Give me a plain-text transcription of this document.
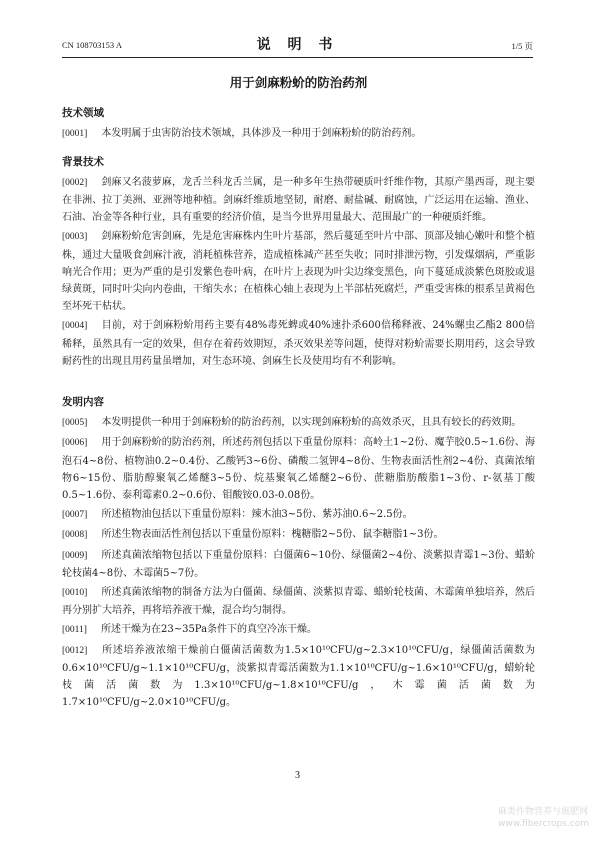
CN 108703153 A	说 明 书	1/5 页
用于剑麻粉蚧的防治药剂
技术领域
[0001] 本发明属于虫害防治技术领域，具体涉及一种用于剑麻粉蚧的防治药剂。
背景技术
[0002] 剑麻又名菠萝麻，龙舌兰科龙舌兰属，是一种多年生热带硬质叶纤维作物，其原产墨西哥，现主要在非洲、拉丁美洲、亚洲等地种植。剑麻纤维质地坚韧，耐磨、耐盐碱、耐腐蚀，广泛运用在运输、渔业、石油、冶金等各种行业，具有重要的经济价值，是当今世界用量最大、范围最广的一种硬质纤维。
[0003] 剑麻粉蚧危害剑麻，先是危害麻株内生叶片基部，然后蔓延至叶片中部、顶部及轴心嫩叶和整个植株，通过大量吸食剑麻汁液，消耗植株营养，造成植株减产甚至失收；同时排泄污物，引发煤烟病，严重影响光合作用；更为严重的是引发紫色卷叶病，在叶片上表现为叶尖边缘变黑色，向下蔓延成淡紫色斑胶或退绿黄斑，同时叶尖向内卷曲，干缩失水；在植株心轴上表现为上半部枯死腐烂，严重受害株的根系呈黄褐色至坏死干枯状。
[0004] 目前，对于剑麻粉蚧用药主要有48%毒死蜱或40%速扑杀600倍稀释液、24%螺虫乙酯2 800倍稀释，虽然具有一定的效果，但存在着药效期短，杀灭效果差等问题，使得对粉蚧需要长期用药，这会导致耐药性的出现且用药量虽增加，对生态环境、剑麻生长及使用均有不利影响。
发明内容
[0005] 本发明提供一种用于剑麻粉蚧的防治药剂，以实现剑麻粉蚧的高效杀灭，且具有较长的药效期。
[0006] 用于剑麻粉蚧的防治药剂，所述药剂包括以下重量份原料：高岭土1~2份、魔芋胶0.5~1.6份、海泡石4~8份、植物油0.2~0.4份、乙酸钙3~6份、磷酸二氢钾4~8份、生物表面活性剂2~4份、真菌浓缩物6~15份、脂肪醇聚氧乙烯醚3~5份、烷基聚氧乙烯醚2~6份、蔗糖脂肪酸脂1~3份、r-氨基丁酸0.5~1.6份、泰利霉素0.2~0.6份、钼酸铵0.03-0.08份。
[0007] 所述植物油包括以下重量份原料：辣木油3~5份、紫苏油0.6~2.5份。
[0008] 所述生物表面活性剂包括以下重量份原料：槐糖脂2~5份、鼠李糖脂1~3份。
[0009] 所述真菌浓缩物包括以下重量份原料：白僵菌6~10份、绿僵菌2~4份、淡紫拟青霉1~3份、蜡蚧轮枝菌4~8份、木霉菌5~7份。
[0010] 所述真菌浓缩物的制备方法为白僵菌、绿僵菌、淡紫拟青霉、蜡蚧轮枝菌、木霉菌单独培养，然后再分别扩大培养，再将培养液干燥，混合均匀制得。
[0011] 所述干燥为在23~35Pa条件下的真空冷冻干燥。
[0012] 所述培养液浓缩干燥前白僵菌活菌数为1.5×10¹⁰CFU/g~2.3×10¹⁰CFU/g，绿僵菌活菌数为0.6×10¹⁰CFU/g~1.1×10¹⁰CFU/g，淡紫拟青霉活菌数为1.1×10¹⁰CFU/g~1.6×10¹⁰CFU/g，蜡蚧轮枝菌活菌数为1.3×10¹⁰CFU/g~1.8×10¹⁰CFU/g，木霉菌活菌数为1.7×10¹⁰CFU/g~2.0×10¹⁰CFU/g。
3
麻类作物营养与施肥网
www.fibercrops.com
